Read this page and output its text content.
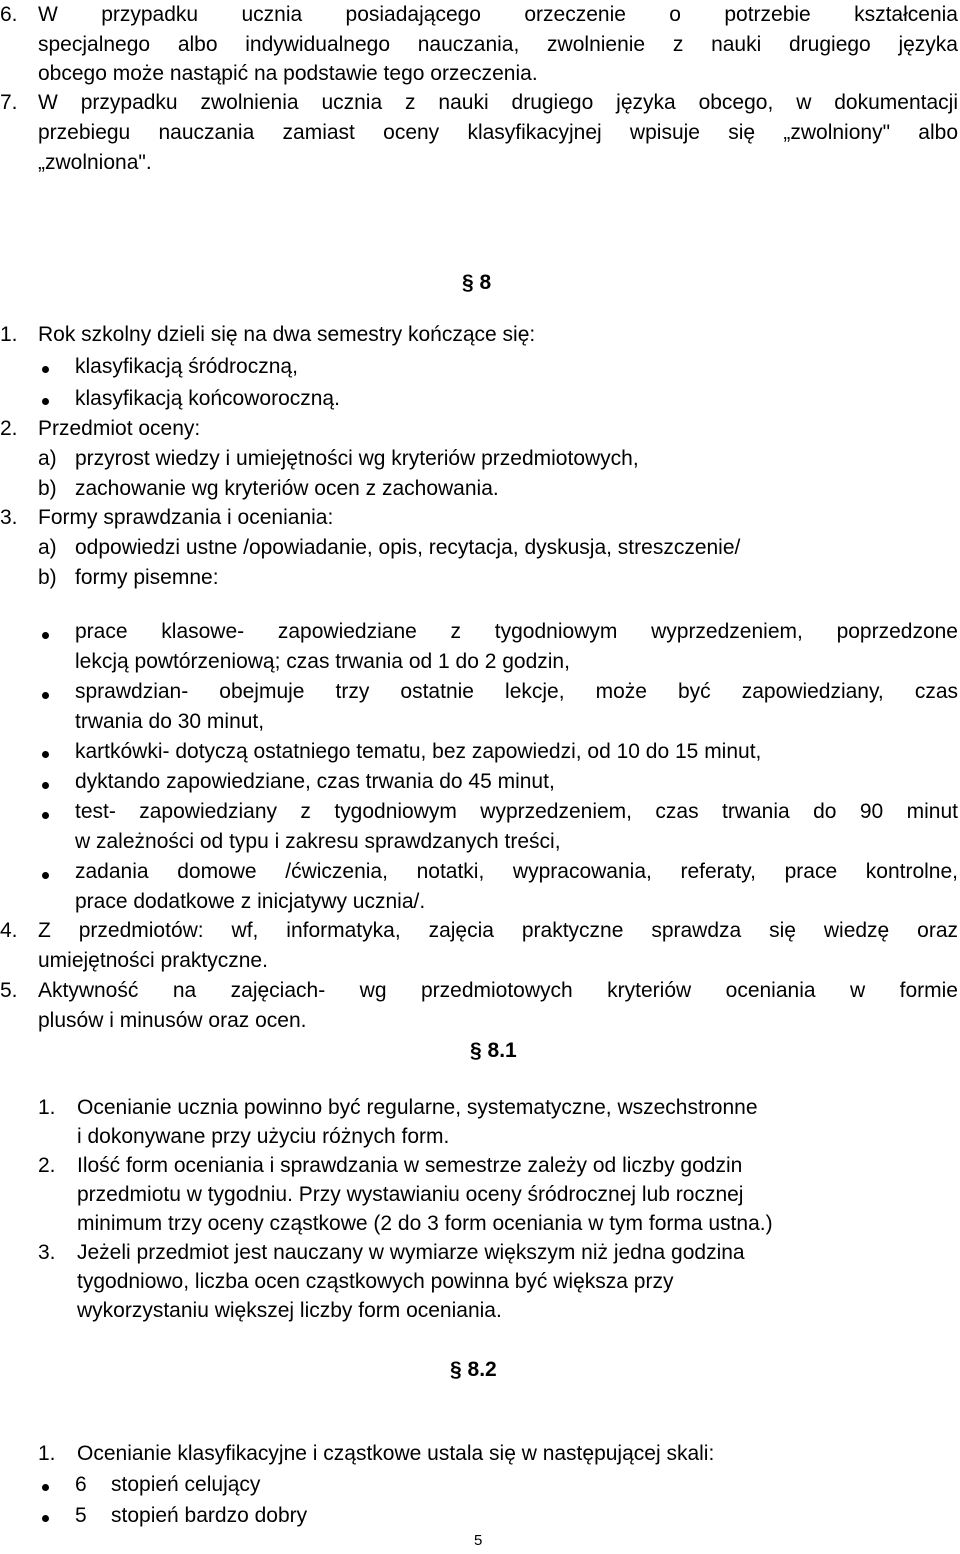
6. W przypadku ucznia posiadającego orzeczenie o potrzebie kształcenia
specjalnego albo indywidualnego nauczania, zwolnienie z nauki drugiego języka
obcego może nastąpić na podstawie tego orzeczenia.
7. W przypadku zwolnienia ucznia z nauki drugiego języka obcego, w dokumentacji
przebiegu nauczania zamiast oceny klasyfikacyjnej wpisuje się „zwolniony" albo
„zwolniona".
§ 8
1. Rok szkolny dzieli się na dwa semestry kończące się:
klasyfikacją śródroczną,
klasyfikacją końcoworoczną.
2. Przedmiot oceny:
a) przyrost wiedzy i umiejętności wg kryteriów przedmiotowych,
b) zachowanie wg kryteriów ocen z zachowania.
3. Formy sprawdzania i oceniania:
a) odpowiedzi ustne /opowiadanie, opis, recytacja, dyskusja, streszczenie/
b) formy pisemne:
prace klasowe- zapowiedziane z tygodniowym wyprzedzeniem, poprzedzone
lekcją powtórzeniową; czas trwania od 1 do 2 godzin,
sprawdzian- obejmuje trzy ostatnie lekcje, może być zapowiedziany, czas
trwania do 30 minut,
kartkówki- dotyczą ostatniego tematu, bez zapowiedzi, od 10 do 15 minut,
dyktando zapowiedziane, czas trwania do 45 minut,
test- zapowiedziany z tygodniowym wyprzedzeniem, czas trwania do 90 minut
w zależności od typu i zakresu sprawdzanych treści,
zadania domowe /ćwiczenia, notatki, wypracowania, referaty, prace kontrolne,
prace dodatkowe z inicjatywy ucznia/.
4. Z przedmiotów: wf, informatyka, zajęcia praktyczne sprawdza się wiedzę oraz
umiejętności praktyczne.
5. Aktywność na zajęciach- wg przedmiotowych kryteriów oceniania w formie
plusów i minusów oraz ocen.
§ 8.1
1. Ocenianie ucznia powinno być regularne, systematyczne, wszechstronne
i dokonywane przy użyciu różnych form.
2. Ilość form oceniania i sprawdzania w semestrze zależy od liczby godzin
przedmiotu w tygodniu. Przy wystawianiu oceny śródrocznej lub rocznej
minimum trzy oceny cząstkowe (2 do 3 form oceniania w tym forma ustna.)
3. Jeżeli przedmiot jest nauczany w wymiarze większym niż jedna godzina
tygodniowo, liczba ocen cząstkowych powinna być większa przy
wykorzystaniu większej liczby form oceniania.
§ 8.2
1. Ocenianie klasyfikacyjne i cząstkowe ustala się w następującej skali:
6 stopień celujący
5 stopień bardzo dobry
5
